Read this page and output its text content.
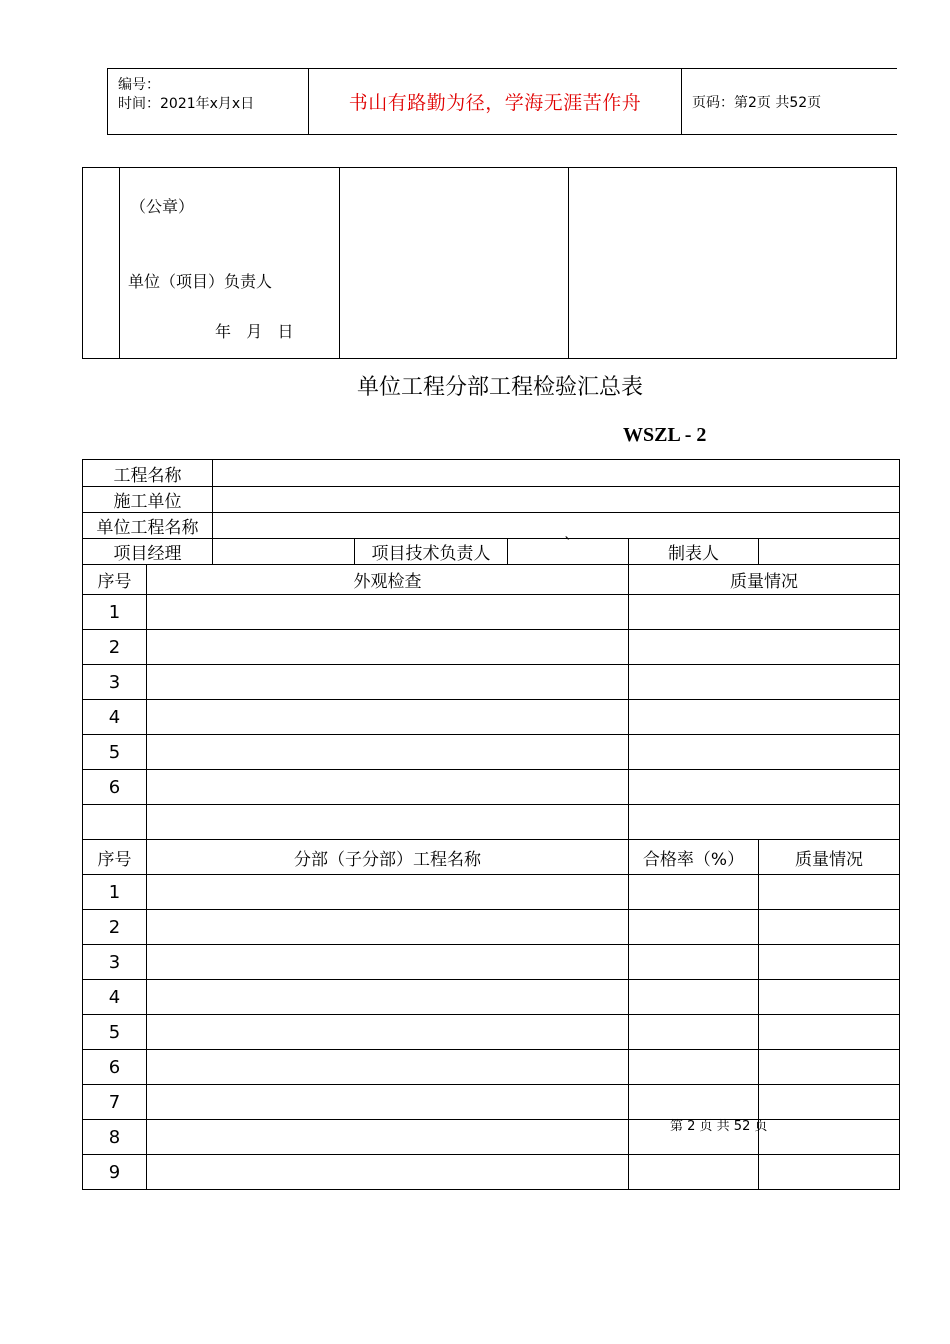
编号：
时间：2021年x月x日	书山有路勤为径，学海无涯苦作舟	页码：第2页 共52页

（公章）
单位（项目）负责人
年   月   日

单位工程分部工程检验汇总表
WSZL - 2
工程名称						
施工单位						
单位工程名称						
项目经理			项目技术负责人	`	制表人	
序号	外观检查				质量情况	
1						
2						
3						
4						
5						
6						

序号	分部（子分部）工程名称				合格率（%）	质量情况
1						
2						
3						
4						
5						
6						
7						
8						
9						
第 2 页 共 52 页
